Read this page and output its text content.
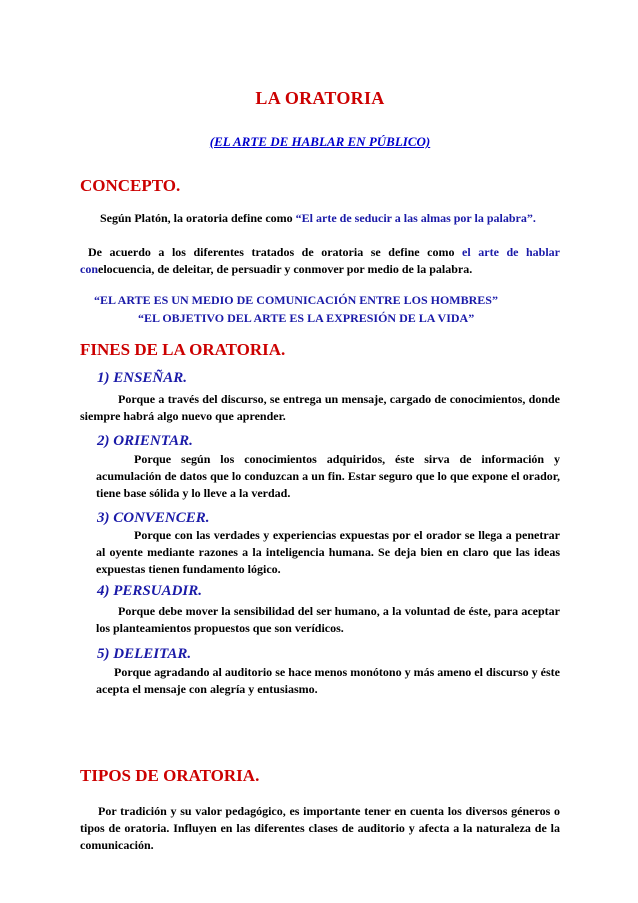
LA ORATORIA
(EL ARTE DE HABLAR EN PÚBLICO)
CONCEPTO.

Según Platón, la oratoria define como “El arte de seducir a las almas por la palabra”.

De acuerdo a los diferentes tratados de oratoria se define como el arte de hablar conelocuencia, de deleitar, de persuadir y conmover por medio de la palabra.

“EL ARTE ES UN MEDIO DE COMUNICACIÓN ENTRE LOS HOMBRES”
“EL OBJETIVO DEL ARTE ES LA EXPRESIÓN DE LA VIDA”
FINES DE LA ORATORIA.
1) ENSEÑAR.

Porque a través del discurso, se entrega un mensaje, cargado de conocimientos, donde siempre habrá algo nuevo que aprender.

2) ORIENTAR.

Porque según los conocimientos adquiridos, éste sirva de información y acumulación de datos que lo conduzcan a un fin. Estar seguro que lo que expone el orador, tiene base sólida y lo lleve a la verdad.

3) CONVENCER.

Porque con las verdades y experiencias expuestas por el orador se llega a penetrar al oyente mediante razones a la inteligencia humana. Se deja bien en claro que las ideas expuestas tienen fundamento lógico.

4) PERSUADIR.

Porque debe mover la sensibilidad del ser humano, a la voluntad de éste, para aceptar los planteamientos propuestos que son verídicos.

5) DELEITAR.

Porque agradando al auditorio se hace menos monótono y más ameno el discurso y éste acepta el mensaje con alegría y entusiasmo.

TIPOS DE ORATORIA.

Por tradición y su valor pedagógico, es importante tener en cuenta los diversos géneros o tipos de oratoria. Influyen en las diferentes clases de auditorio y afecta a la naturaleza de la comunicación.
